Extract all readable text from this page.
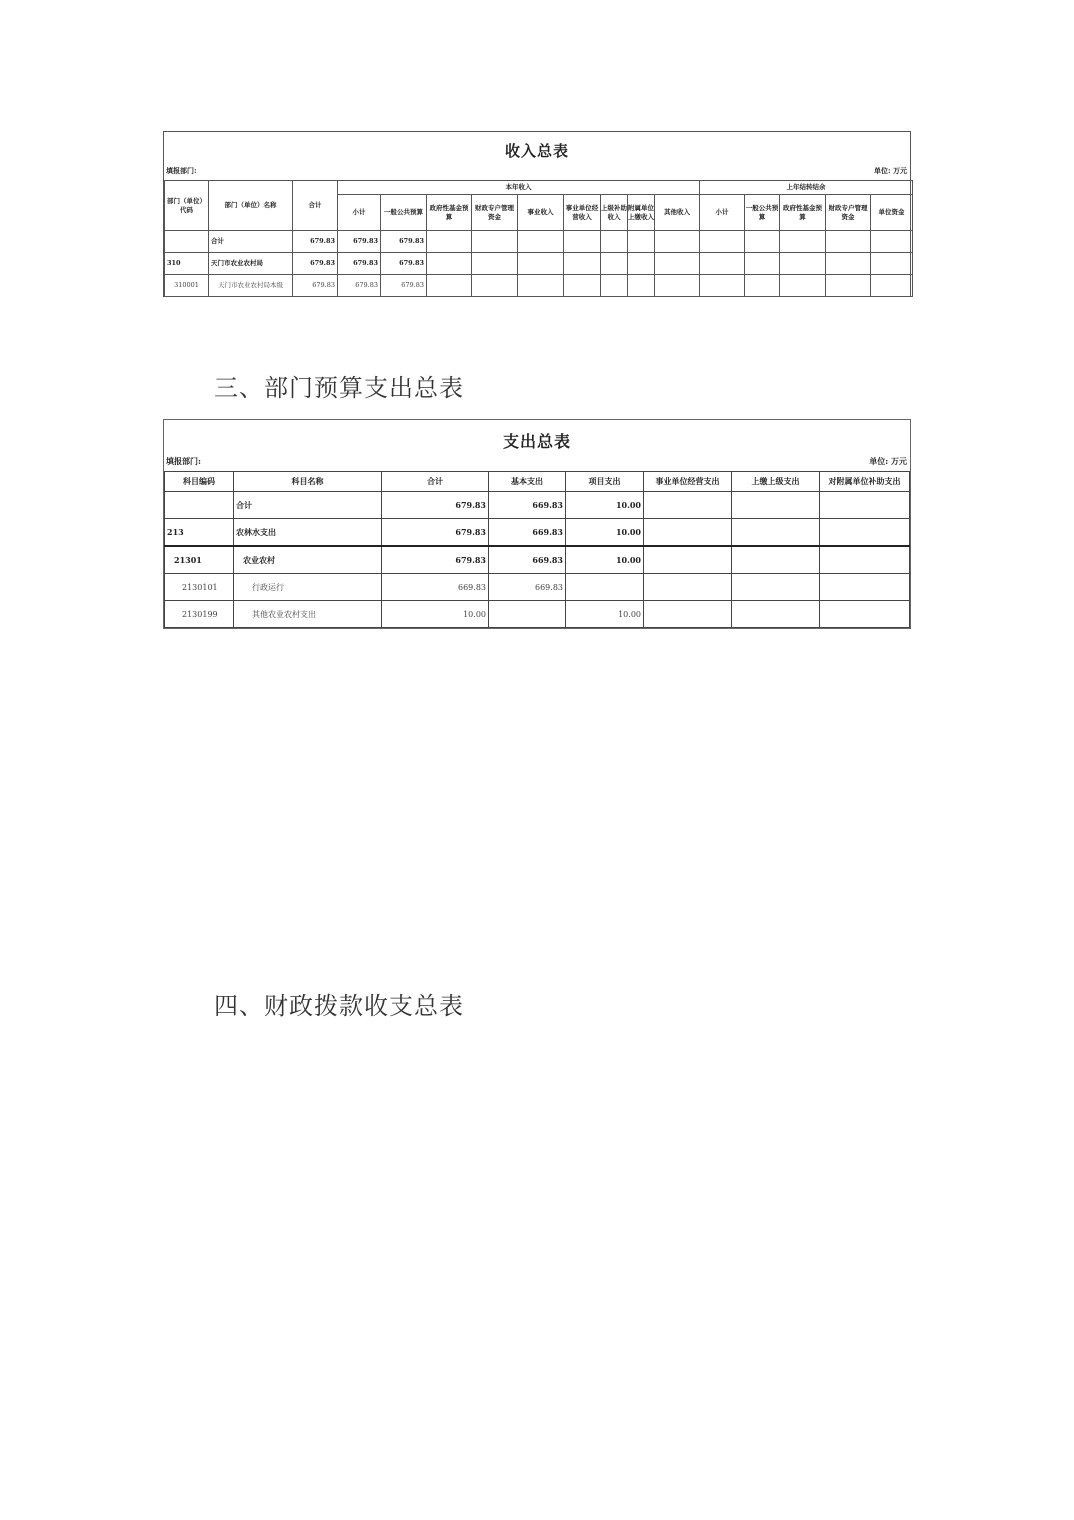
收入总表
填报部门:	单位: 万元
部门（单位）代码	部门（单位）名称	合计	本年收入									上年结转结余				
			小计	一般公共预算	政府性基金预算	财政专户管理资金	事业收入	事业单位经营收入	上级补助收入	附属单位上缴收入	其他收入	小计	一般公共预算	政府性基金预算	财政专户管理资金	单位资金
	合计	679.83	679.83	679.83												
310	天门市农业农村局	679.83	679.83	679.83												
310001	天门市农业农村局本级	679.83	679.83	679.83												
三、部门预算支出总表
支出总表
填报部门:	单位: 万元
科目编码	科目名称	合计	基本支出	项目支出	事业单位经营支出	上缴上级支出	对附属单位补助支出
	合计	679.83	669.83	10.00			
213	农林水支出	679.83	669.83	10.00			
21301	农业农村	679.83	669.83	10.00			
2130101	行政运行	669.83	669.83				
2130199	其他农业农村支出	10.00		10.00			
四、财政拨款收支总表
